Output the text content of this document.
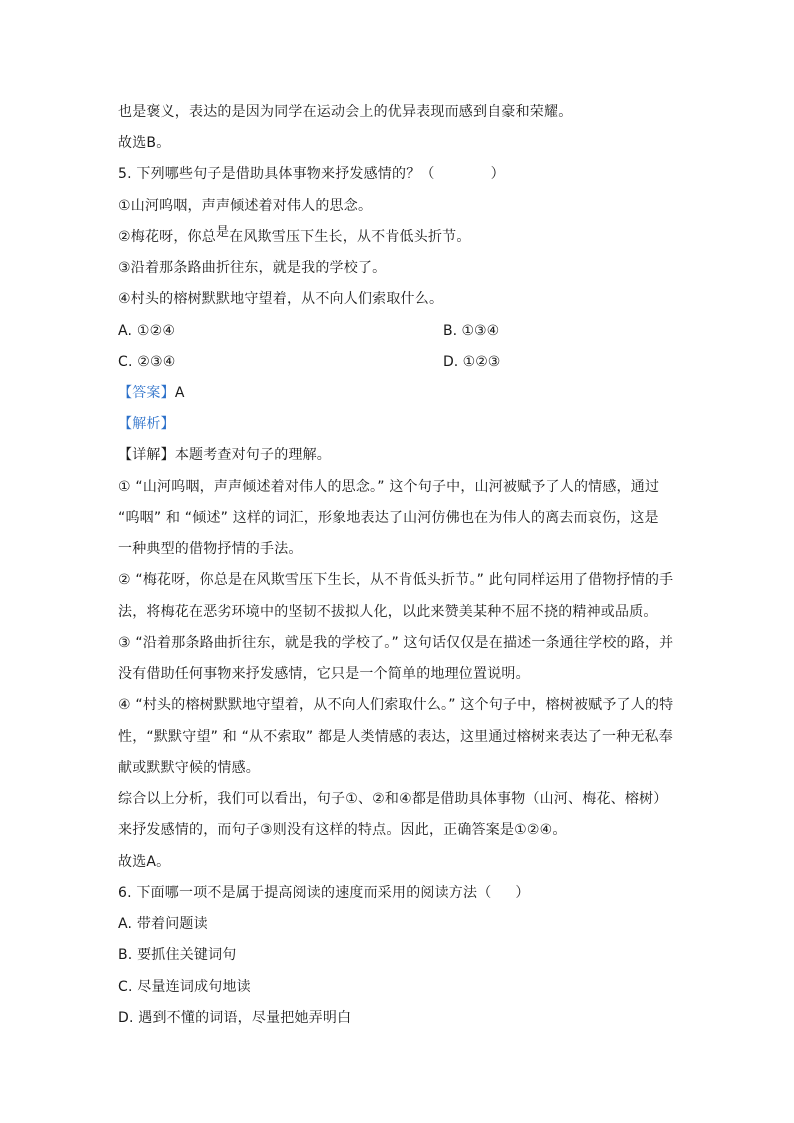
也是褒义，表达的是因为同学在运动会上的优异表现而感到自豪和荣耀。
故选B。
5. 下列哪些句子是借助具体事物来抒发感情的？（	）
①山河呜咽，声声倾述着对伟人的思念。
②梅花呀，你总是在风欺雪压下生长，从不肯低头折节。
③沿着那条路曲折往东，就是我的学校了。
④村头的榕树默默地守望着，从不向人们索取什么。
A. ①②④	B. ①③④
C. ②③④	D. ①②③
【答案】A
【解析】
【详解】本题考查对句子的理解。
① “山河呜咽，声声倾述着对伟人的思念。” 这个句子中，山河被赋予了人的情感，通过
“呜咽” 和 “倾述” 这样的词汇，形象地表达了山河仿佛也在为伟人的离去而哀伤，这是
一种典型的借物抒情的手法。
② “梅花呀，你总是在风欺雪压下生长，从不肯低头折节。” 此句同样运用了借物抒情的手
法，将梅花在恶劣环境中的坚韧不拔拟人化，以此来赞美某种不屈不挠的精神或品质。
③ “沿着那条路曲折往东，就是我的学校了。” 这句话仅仅是在描述一条通往学校的路，并
没有借助任何事物来抒发感情，它只是一个简单的地理位置说明。
④ “村头的榕树默默地守望着，从不向人们索取什么。” 这个句子中，榕树被赋予了人的特
性，“默默守望” 和 “从不索取” 都是人类情感的表达，这里通过榕树来表达了一种无私奉
献或默默守候的情感。
综合以上分析，我们可以看出，句子①、②和④都是借助具体事物（山河、梅花、榕树）
来抒发感情的，而句子③则没有这样的特点。因此，正确答案是①②④。
故选A。
6. 下面哪一项不是属于提高阅读的速度而采用的阅读方法（ ）
A. 带着问题读
B. 要抓住关键词句
C. 尽量连词成句地读
D. 遇到不懂的词语，尽量把她弄明白
